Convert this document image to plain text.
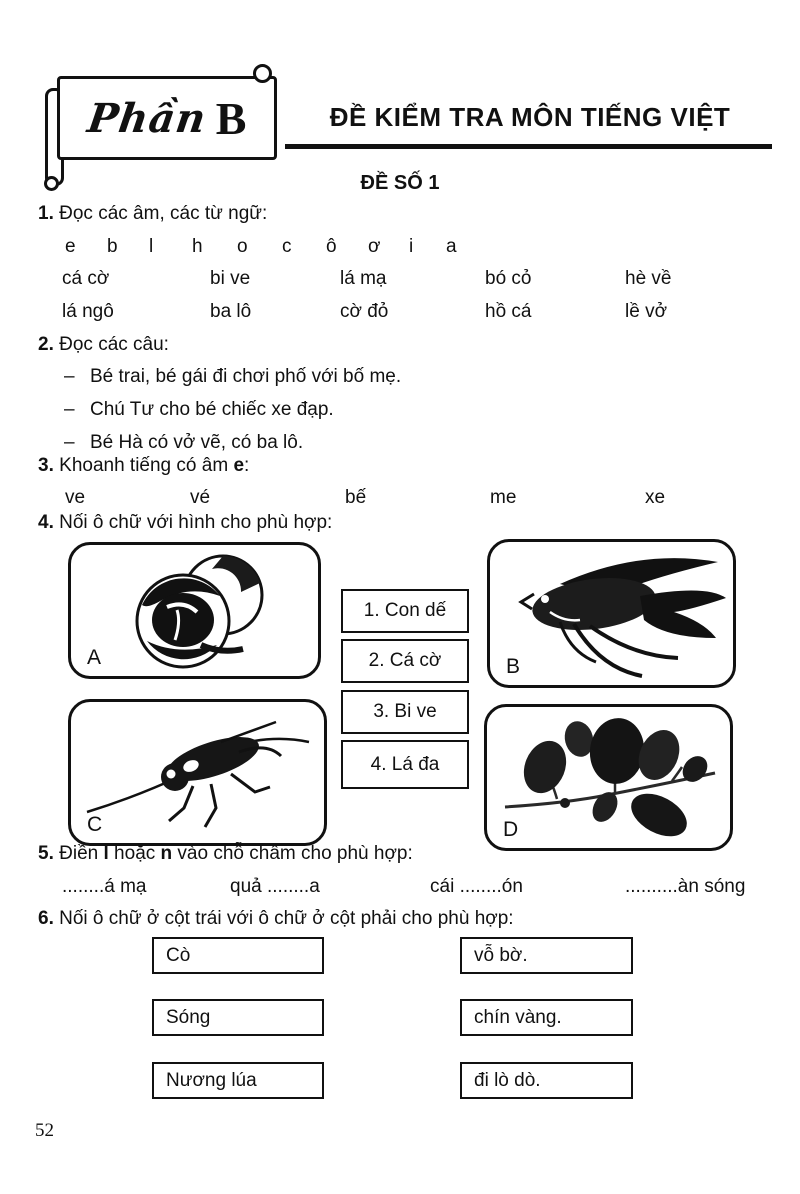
Phần B	ĐỀ KIỂM TRA MÔN TIẾNG VIỆT
ĐỀ SỐ 1
1. Đọc các âm, các từ ngữ:
e b l h o c ô ơ i a
cá cờ	bi ve	lá mạ	bó cỏ	hè về
lá ngô	ba lô	cờ đỏ	hồ cá	lề vở
2. Đọc các câu:
– Bé trai, bé gái đi chơi phố với bố mẹ.
– Chú Tư cho bé chiếc xe đạp.
– Bé Hà có vở vẽ, có ba lô.
3. Khoanh tiếng có âm e:
ve	vé	bế	me	xe
4. Nối ô chữ với hình cho phù hợp:
A	B
1. Con dế
2. Cá cờ
3. Bi ve
4. Lá đa
C	D
5. Điền l hoặc n vào chỗ chấm cho phù hợp:
........á mạ	quả ........a	cái ........ón	..........àn sóng
6. Nối ô chữ ở cột trái với ô chữ ở cột phải cho phù hợp:
Cò
Sóng
Nương lúa
vỗ bờ.
chín vàng.
đi lò dò.
52
